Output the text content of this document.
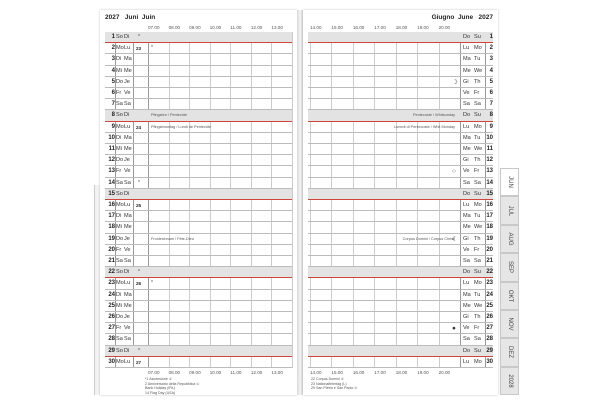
2027 Juni Juin
07.00 08.00 09.00 10.00 11.00 12.00 13.00
1 So Di *
2 Mo Lu 23 *
3 Di Ma
4 Mi Me
5 Do Je
6 Fr Ve
7 Sa Sa
8 So Di	Pfingsten / Pentecôte
9 Mo Lu 24	Pfingstmontag / Lundi de Pentecôte
10 Di Ma
11 Mi Me
12 Do Je
13 Fr Ve
14 Sa Sa *
15 So Di
16 Mo Lu 25
17 Di Ma
18 Mi Me
19 Do Je	Fronleichnam / Fête-Dieu
20 Fr Ve
21 Sa Sa
22 So Di *
23 Mo Lu 26 *
24 Di Ma
25 Mi Me
26 Do Je
27 Fr Ve
28 Sa Sa
29 So Di *
30 Mo Lu 27
07.00 08.00 09.00 10.00 11.00 12.00 13.00
*1 Ascensione ①
2 Anniversario della Repubblica ①
Bank Holiday (IRL)
14 Flag Day (USA)
Giugno June 2027
14.00 15.00 16.00 17.00 18.00 19.00 20.00
Do Su	1
Lu Mo	2
Ma Tu	3
Me We	4
☽ Gi Th	5
Ve Fr	6
Sa Sa	7
Pentecoste / Whitsunday Do Su	8
Lunedì di Pentecoste / Whit Monday Lu Mo	9
Ma Tu 10
Me We 11
Gi Th 12
○ Ve Fr 13
Sa Sa 14
Do Su 15
Lu Mo 16
Ma Tu 17
Me We 18
Corpus Domini / Corpus Christi
☾ Gi Th 19
Ve Fr 20
Sa Sa 21
Do Su 22
Lu Mo 23
Ma Tu 24
Me We 25
Gi Th 26
● Ve Fr 27
Sa Sa 28
Do Su 29
Lu Mo 30
14.00 15.00 16.00 17.00 18.00 19.00 20.00
22 Corpus Domini ①
23 Nationalfeiertag (L)
29 San Pietro e San Paolo ①
JUN
JUL
AUG
SEP
OKT
NOV
DEZ
2028
